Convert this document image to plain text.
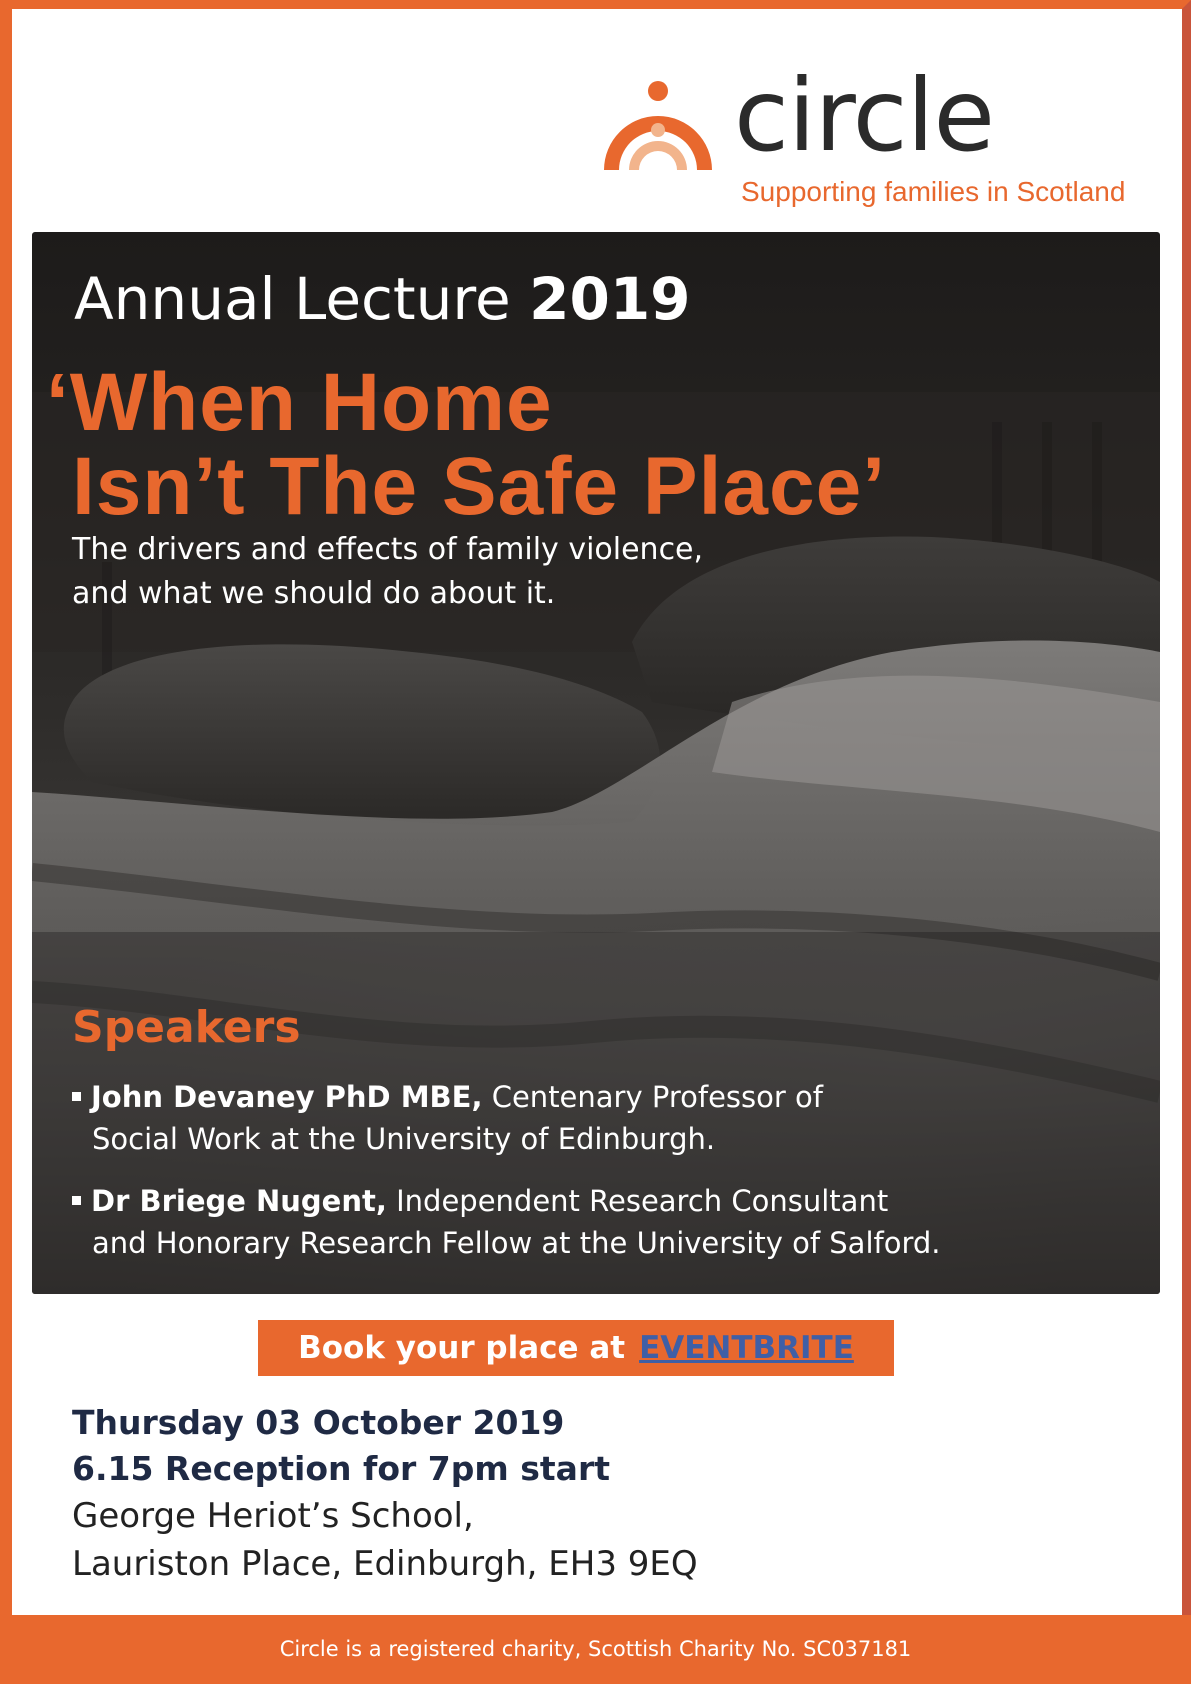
circle
Supporting families in Scotland
Annual Lecture 2019
‘When Home
Isn’t The Safe Place’
The drivers and effects of family violence,
and what we should do about it.
Speakers
John Devaney PhD MBE, Centenary Professor of
Social Work at the University of Edinburgh.
Dr Briege Nugent, Independent Research Consultant
and Honorary Research Fellow at the University of Salford.
Book your place at EVENTBRITE
Thursday 03 October 2019
6.15 Reception for 7pm start
George Heriot’s School,
Lauriston Place, Edinburgh, EH3 9EQ
Circle is a registered charity, Scottish Charity No. SC037181
